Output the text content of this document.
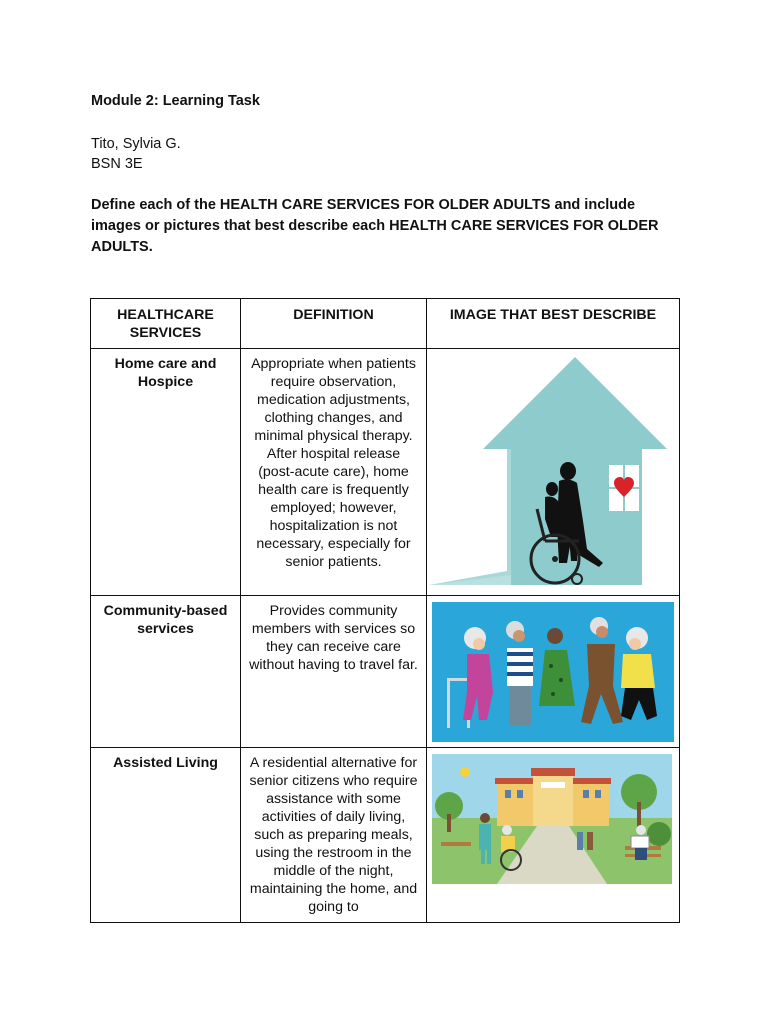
Module 2: Learning Task
Tito, Sylvia G.
BSN 3E
Define each of the HEALTH CARE SERVICES FOR OLDER ADULTS and include images or pictures that best describe each HEALTH CARE SERVICES FOR OLDER ADULTS.
HEALTHCARE SERVICES	DEFINITION	IMAGE THAT BEST DESCRIBE
Home care and Hospice	Appropriate when patients require observation, medication adjustments, clothing changes, and minimal physical therapy. After hospital release (post-acute care), home health care is frequently employed; however, hospitalization is not necessary, especially for senior patients.	

Community-based services	Provides community members with services so they can receive care without having to travel far.	

Assisted Living	A residential alternative for senior citizens who require assistance with some activities of daily living, such as preparing meals, using the restroom in the middle of the night, maintaining the home, and going to	
